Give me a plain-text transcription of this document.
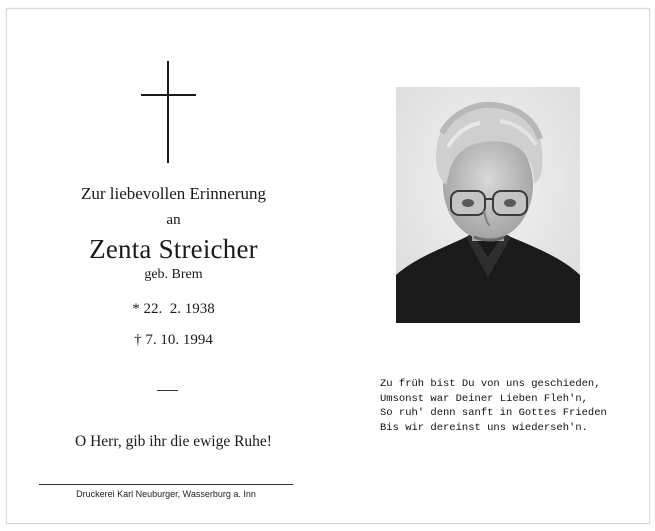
Zur liebevollen Erinnerung
an
Zenta Streicher
geb. Brem
* 22.  2. 1938
† 7. 10. 1994
O Herr, gib ihr die ewige Ruhe!
Druckerei Karl Neuburger, Wasserburg a. Inn
Zu früh bist Du von uns geschieden,
Umsonst war Deiner Lieben Fleh'n,
So ruh' denn sanft in Gottes Frieden
Bis wir dereinst uns wiederseh'n.
